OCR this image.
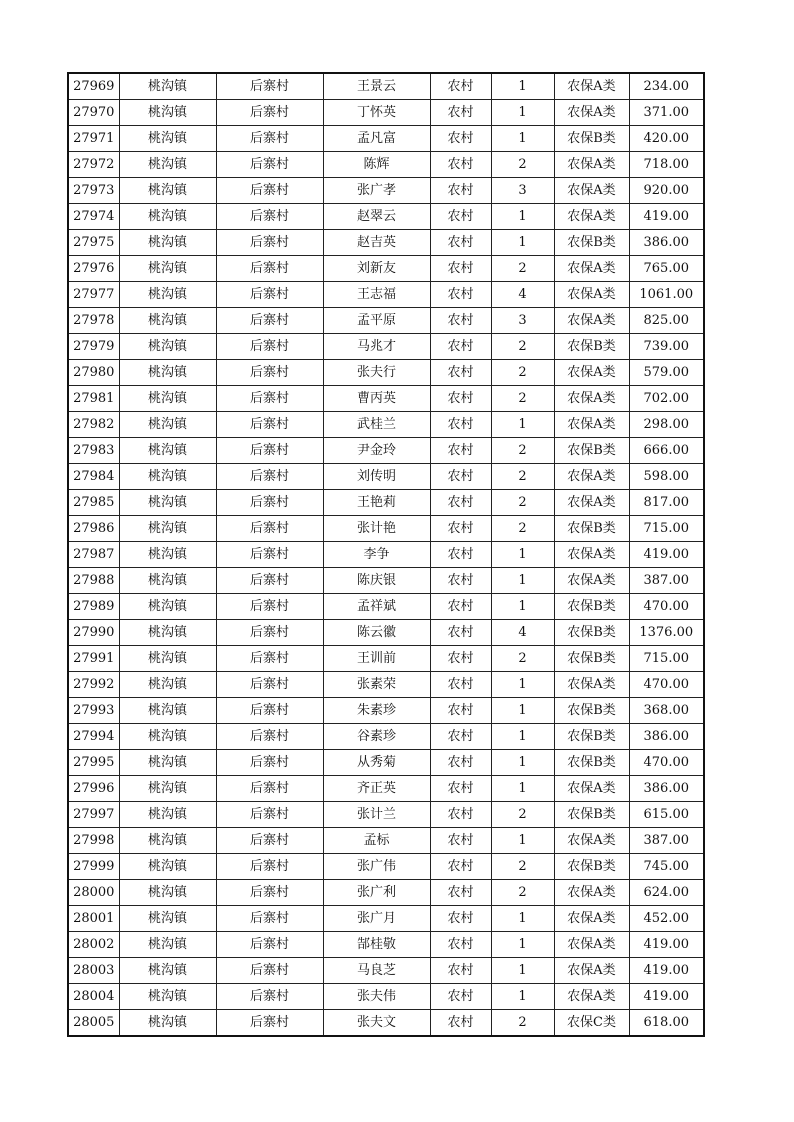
27969	桃沟镇	后寨村	王景云	农村	1	农保A类	234.00
27970	桃沟镇	后寨村	丁怀英	农村	1	农保A类	371.00
27971	桃沟镇	后寨村	孟凡富	农村	1	农保B类	420.00
27972	桃沟镇	后寨村	陈辉	农村	2	农保A类	718.00
27973	桃沟镇	后寨村	张广孝	农村	3	农保A类	920.00
27974	桃沟镇	后寨村	赵翠云	农村	1	农保A类	419.00
27975	桃沟镇	后寨村	赵吉英	农村	1	农保B类	386.00
27976	桃沟镇	后寨村	刘新友	农村	2	农保A类	765.00
27977	桃沟镇	后寨村	王志福	农村	4	农保A类	1061.00
27978	桃沟镇	后寨村	孟平原	农村	3	农保A类	825.00
27979	桃沟镇	后寨村	马兆才	农村	2	农保B类	739.00
27980	桃沟镇	后寨村	张夫行	农村	2	农保A类	579.00
27981	桃沟镇	后寨村	曹丙英	农村	2	农保A类	702.00
27982	桃沟镇	后寨村	武桂兰	农村	1	农保A类	298.00
27983	桃沟镇	后寨村	尹金玲	农村	2	农保B类	666.00
27984	桃沟镇	后寨村	刘传明	农村	2	农保A类	598.00
27985	桃沟镇	后寨村	王艳莉	农村	2	农保A类	817.00
27986	桃沟镇	后寨村	张计艳	农村	2	农保B类	715.00
27987	桃沟镇	后寨村	李争	农村	1	农保A类	419.00
27988	桃沟镇	后寨村	陈庆银	农村	1	农保A类	387.00
27989	桃沟镇	后寨村	孟祥斌	农村	1	农保B类	470.00
27990	桃沟镇	后寨村	陈云徽	农村	4	农保B类	1376.00
27991	桃沟镇	后寨村	王训前	农村	2	农保B类	715.00
27992	桃沟镇	后寨村	张素荣	农村	1	农保A类	470.00
27993	桃沟镇	后寨村	朱素珍	农村	1	农保B类	368.00
27994	桃沟镇	后寨村	谷素珍	农村	1	农保B类	386.00
27995	桃沟镇	后寨村	从秀菊	农村	1	农保B类	470.00
27996	桃沟镇	后寨村	齐正英	农村	1	农保A类	386.00
27997	桃沟镇	后寨村	张计兰	农村	2	农保B类	615.00
27998	桃沟镇	后寨村	孟标	农村	1	农保A类	387.00
27999	桃沟镇	后寨村	张广伟	农村	2	农保B类	745.00
28000	桃沟镇	后寨村	张广利	农村	2	农保A类	624.00
28001	桃沟镇	后寨村	张广月	农村	1	农保A类	452.00
28002	桃沟镇	后寨村	郜桂敬	农村	1	农保A类	419.00
28003	桃沟镇	后寨村	马良芝	农村	1	农保A类	419.00
28004	桃沟镇	后寨村	张夫伟	农村	1	农保A类	419.00
28005	桃沟镇	后寨村	张夫文	农村	2	农保C类	618.00
